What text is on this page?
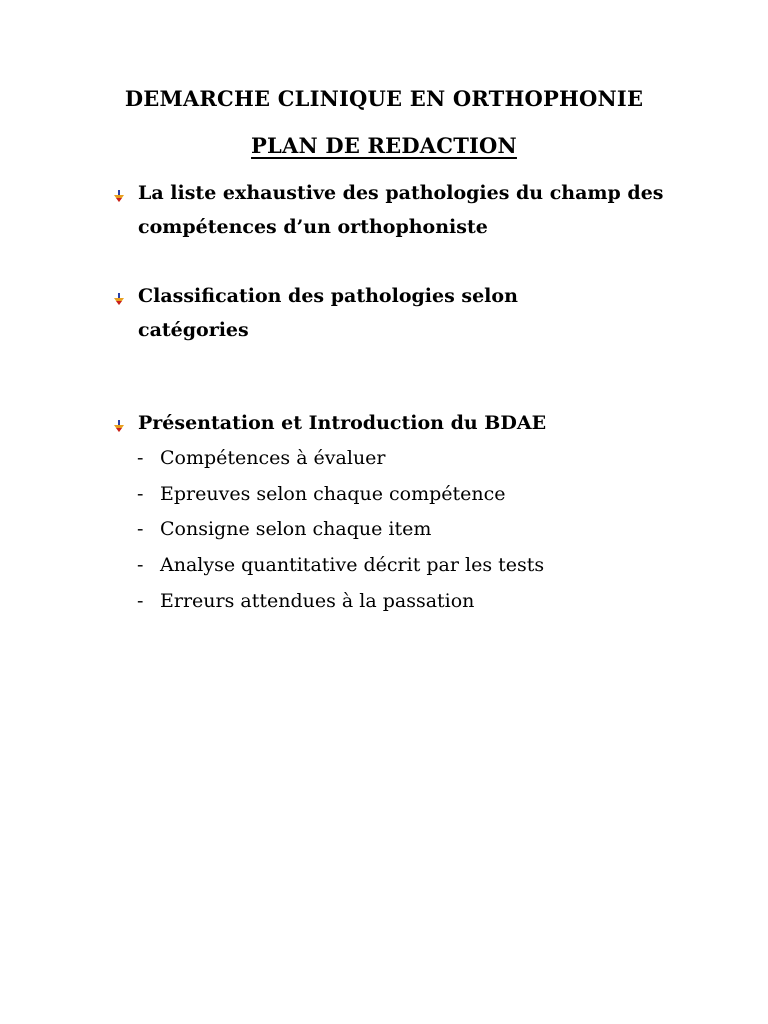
DEMARCHE CLINIQUE EN ORTHOPHONIE
PLAN DE REDACTION
La liste exhaustive des pathologies du champ des compétences d’un orthophoniste
Classification des pathologies selon catégories
Présentation et Introduction du BDAE
- Compétences à évaluer
- Epreuves selon chaque compétence
- Consigne selon chaque item
- Analyse quantitative décrit par les tests
- Erreurs attendues à la passation
